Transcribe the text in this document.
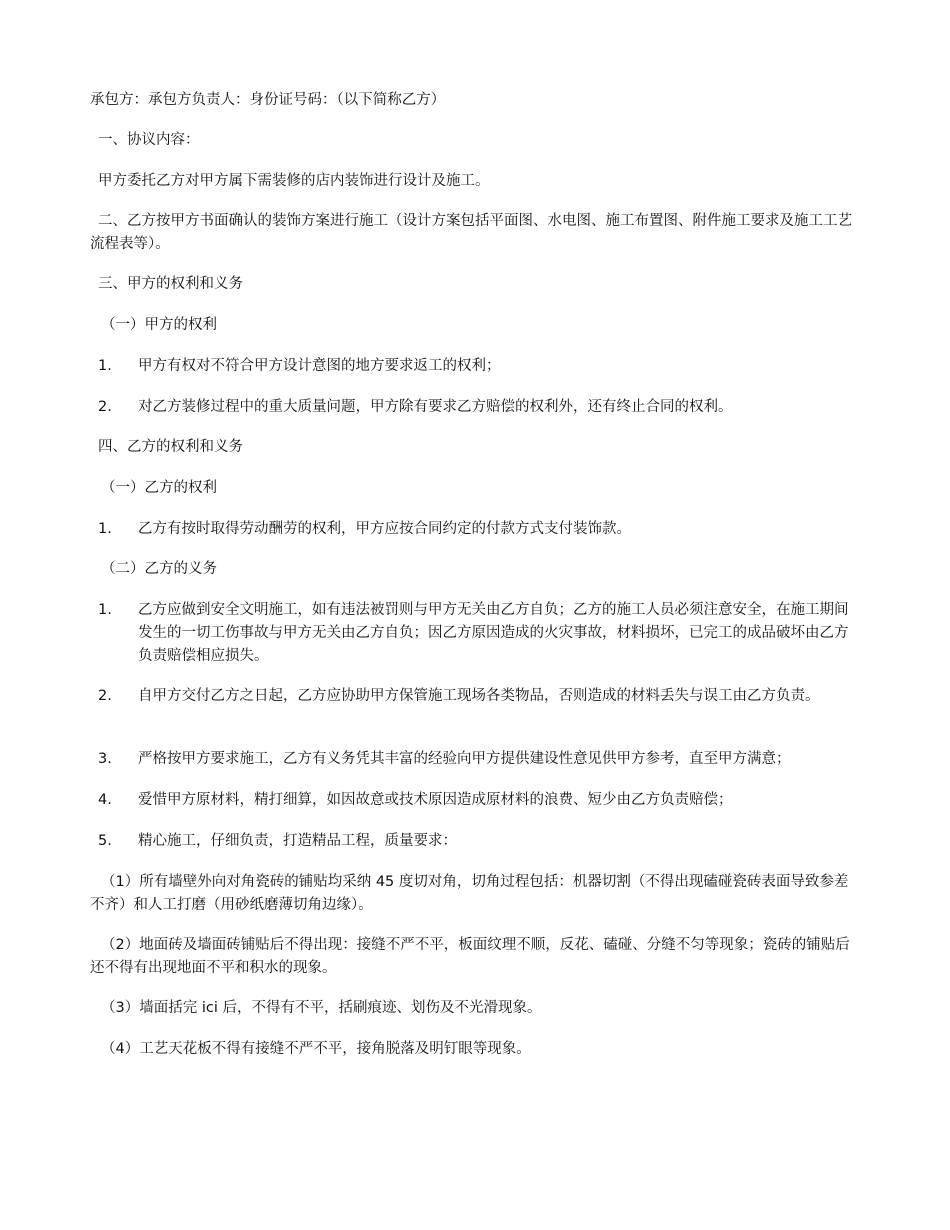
承包方：承包方负责人：身份证号码：（以下简称乙方）
一、协议内容：
甲方委托乙方对甲方属下需装修的店内装饰进行设计及施工。
二、乙方按甲方书面确认的装饰方案进行施工（设计方案包括平面图、水电图、施工布置图、附件施工要求及施工工艺流程表等）。
三、甲方的权利和义务
（一）甲方的权利
1. 甲方有权对不符合甲方设计意图的地方要求返工的权利；
2. 对乙方装修过程中的重大质量问题，甲方除有要求乙方赔偿的权利外，还有终止合同的权利。
四、乙方的权利和义务
（一）乙方的权利
1. 乙方有按时取得劳动酬劳的权利，甲方应按合同约定的付款方式支付装饰款。
（二）乙方的义务
1. 乙方应做到安全文明施工，如有违法被罚则与甲方无关由乙方自负；乙方的施工人员必须注意安全，在施工期间发生的一切工伤事故与甲方无关由乙方自负；因乙方原因造成的火灾事故，材料损坏，已完工的成品破坏由乙方负责赔偿相应损失。
2. 自甲方交付乙方之日起，乙方应协助甲方保管施工现场各类物品，否则造成的材料丢失与误工由乙方负责。
3. 严格按甲方要求施工，乙方有义务凭其丰富的经验向甲方提供建设性意见供甲方参考，直至甲方满意；
4. 爱惜甲方原材料，精打细算，如因故意或技术原因造成原材料的浪费、短少由乙方负责赔偿；
5. 精心施工，仔细负责，打造精品工程，质量要求：
（1）所有墙壁外向对角瓷砖的铺贴均采纳 45 度切对角，切角过程包括：机器切割（不得出现磕碰瓷砖表面导致参差不齐）和人工打磨（用砂纸磨薄切角边缘）。
（2）地面砖及墙面砖铺贴后不得出现：接缝不严不平，板面纹理不顺，反花、磕碰、分缝不匀等现象；瓷砖的铺贴后还不得有出现地面不平和积水的现象。
（3）墙面括完 ici 后，不得有不平，括刷痕迹、划伤及不光滑现象。
（4）工艺天花板不得有接缝不严不平，接角脱落及明钉眼等现象。
